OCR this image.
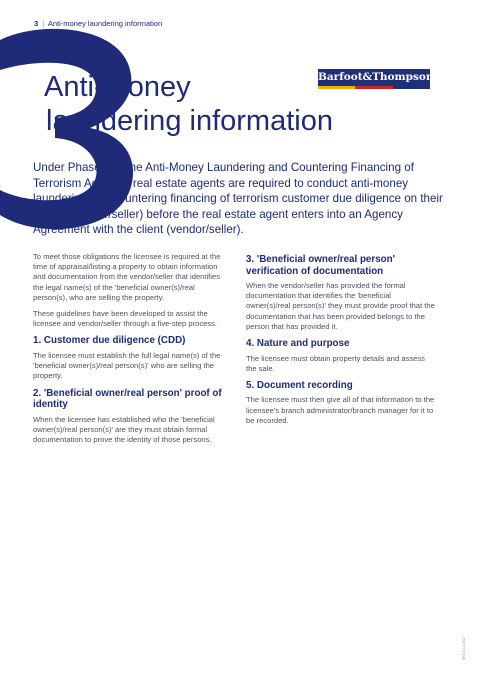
3 | Anti-money laundering information
Barfoot&Thompson
Anti-money
laundering information

Under Phase 2 of the Anti-Money Laundering and Countering Financing of Terrorism Act 2009 real estate agents are required to conduct anti-money laundering and countering financing of terrorism customer due diligence on their clients (vendor/seller) before the real estate agent enters into an Agency Agreement with the client (vendor/seller).

To meet those obligations the licensee is required at the time of appraisal/listing a property to obtain information and documentation from the vendor/seller that identifies the legal name(s) of the 'beneficial owner(s)/real person(s), who are selling the property.

These guidelines have been developed to assist the licensee and vendor/seller through a five-step process.

1. Customer due diligence (CDD)

The licensee must establish the full legal name(s) of the 'beneficial owner(s)/real person(s)' who are selling the property.

2. 'Beneficial owner/real person' proof of identity

When the licensee has established who the 'beneficial owner(s)/real person(s)' are they must obtain formal documentation to prove the identity of those persons.

3. 'Beneficial owner/real person' verification of documentation

When the vendor/seller has provided the formal documentation that identifies the 'beneficial owner(s)/real person(s)' they must provide proof that the documentation that has been provided belongs to the person that has provided it.

4. Nature and purpose

The licensee must obtain property details and assess the sale.

5. Document recording

The licensee must then give all of that information to the licensee's branch administrator/branch manager for it to be recorded.

BFT/13 3/2017
